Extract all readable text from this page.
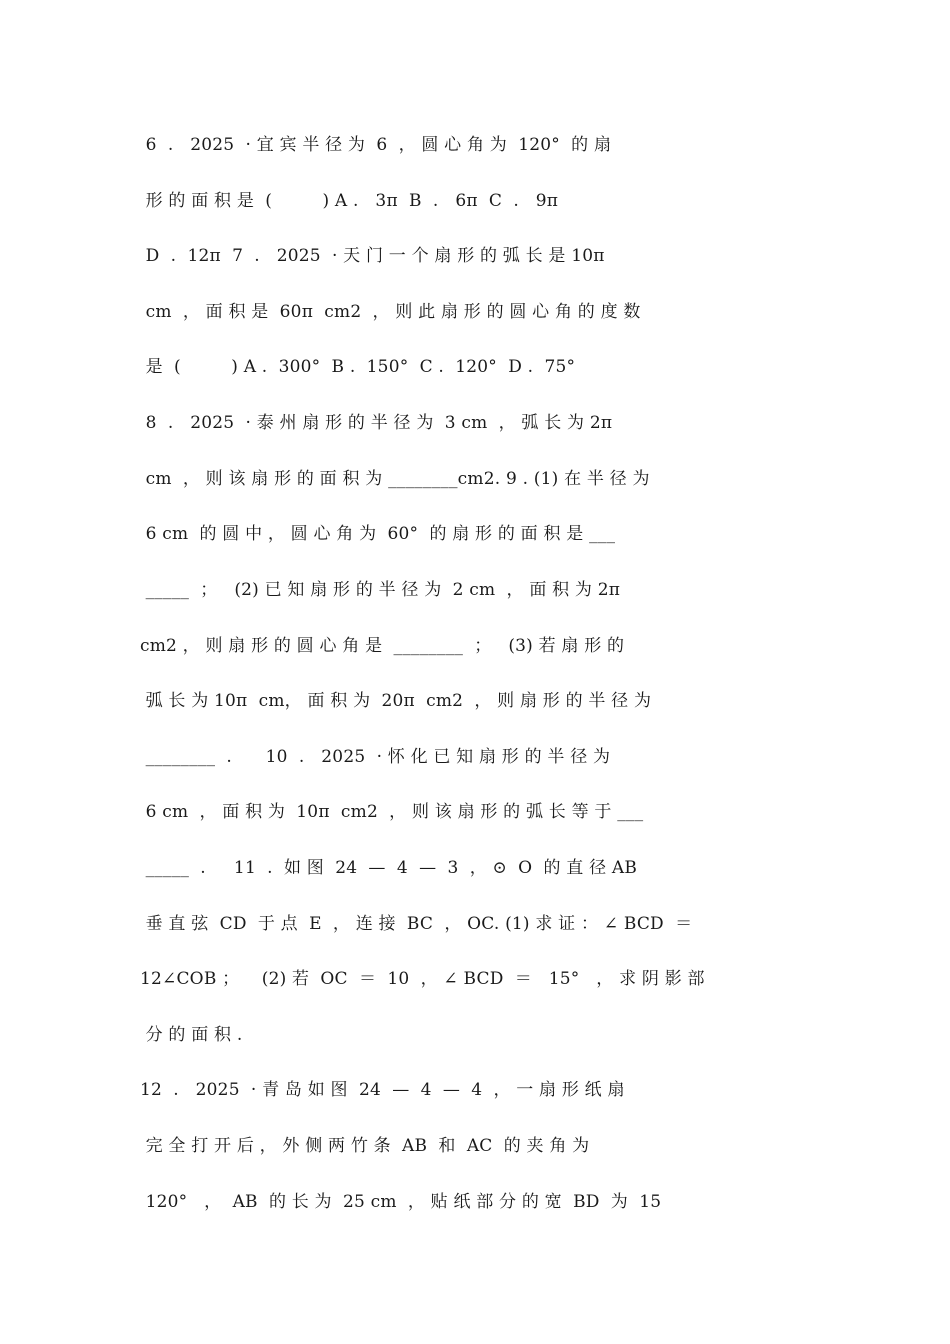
6  .   2025  · 宜 宾 半 径 为  6  ， 圆 心 角 为  120°  的 扇
形 的 面 积 是  (         ) A .   3π  B  .   6π  C  .   9π
D  .  12π  7  .   2025  · 天 门 一 个 扇 形 的 弧 长 是 10π
cm  ， 面 积 是  60π  cm2  ， 则 此 扇 形 的 圆 心 角 的 度 数
是  (         ) A .  300°  B .  150°  C .  120°  D .  75°
8  .   2025  · 泰 州 扇 形 的 半 径 为  3 cm  ， 弧 长 为 2π
cm  ， 则 该 扇 形 的 面 积 为 ________cm2. 9 . (1) 在 半 径 为
6 cm  的 圆 中 ， 圆 心 角 为  60°  的 扇 形 的 面 积 是 ___
_____  ；   (2) 已 知 扇 形 的 半 径 为  2 cm  ， 面 积 为 2π
cm2 ， 则 扇 形 的 圆 心 角 是  ________  ；   (3) 若 扇 形 的
弧 长 为 10π  cm， 面 积 为  20π  cm2  ， 则 扇 形 的 半 径 为
________  .      10  .   2025  · 怀 化 已 知 扇 形 的 半 径 为
6 cm  ， 面 积 为  10π  cm2  ， 则 该 扇 形 的 弧 长 等 于 ___
_____  .     11  .  如 图  24  —  4  —  3  ， ⊙  O  的 直 径 AB
垂 直 弦  CD  于 点  E  ， 连 接  BC  ， OC. (1) 求 证 ： ∠ BCD  ＝
12∠COB ；    (2) 若  OC  ＝  10  ， ∠ BCD  ＝   15°   ， 求 阴 影 部
分 的 面 积 .
12  .   2025  · 青 岛 如 图  24  —  4  —  4  ， 一 扇 形 纸 扇
完 全 打 开 后 ， 外 侧 两 竹 条  AB  和  AC  的 夹 角 为
120°   ，  AB  的 长 为  25 cm  ， 贴 纸 部 分 的 宽  BD  为  15
